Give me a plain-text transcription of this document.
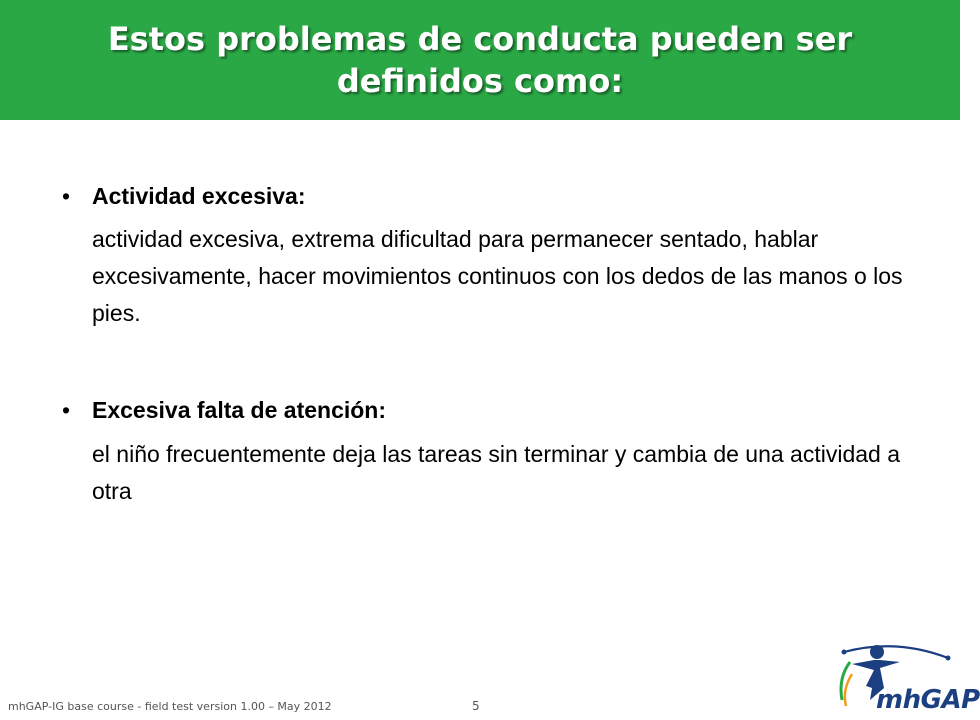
Estos problemas de conducta pueden ser definidos como:
• Actividad excesiva:
actividad excesiva, extrema dificultad para permanecer sentado, hablar excesivamente, hacer movimientos continuos con los dedos de las manos o los pies.
• Excesiva falta de atención:
el niño frecuentemente deja las tareas sin terminar y cambia de una actividad a otra
mhGAP-IG base course - field test version 1.00 – May 2012	5	mhGAP
